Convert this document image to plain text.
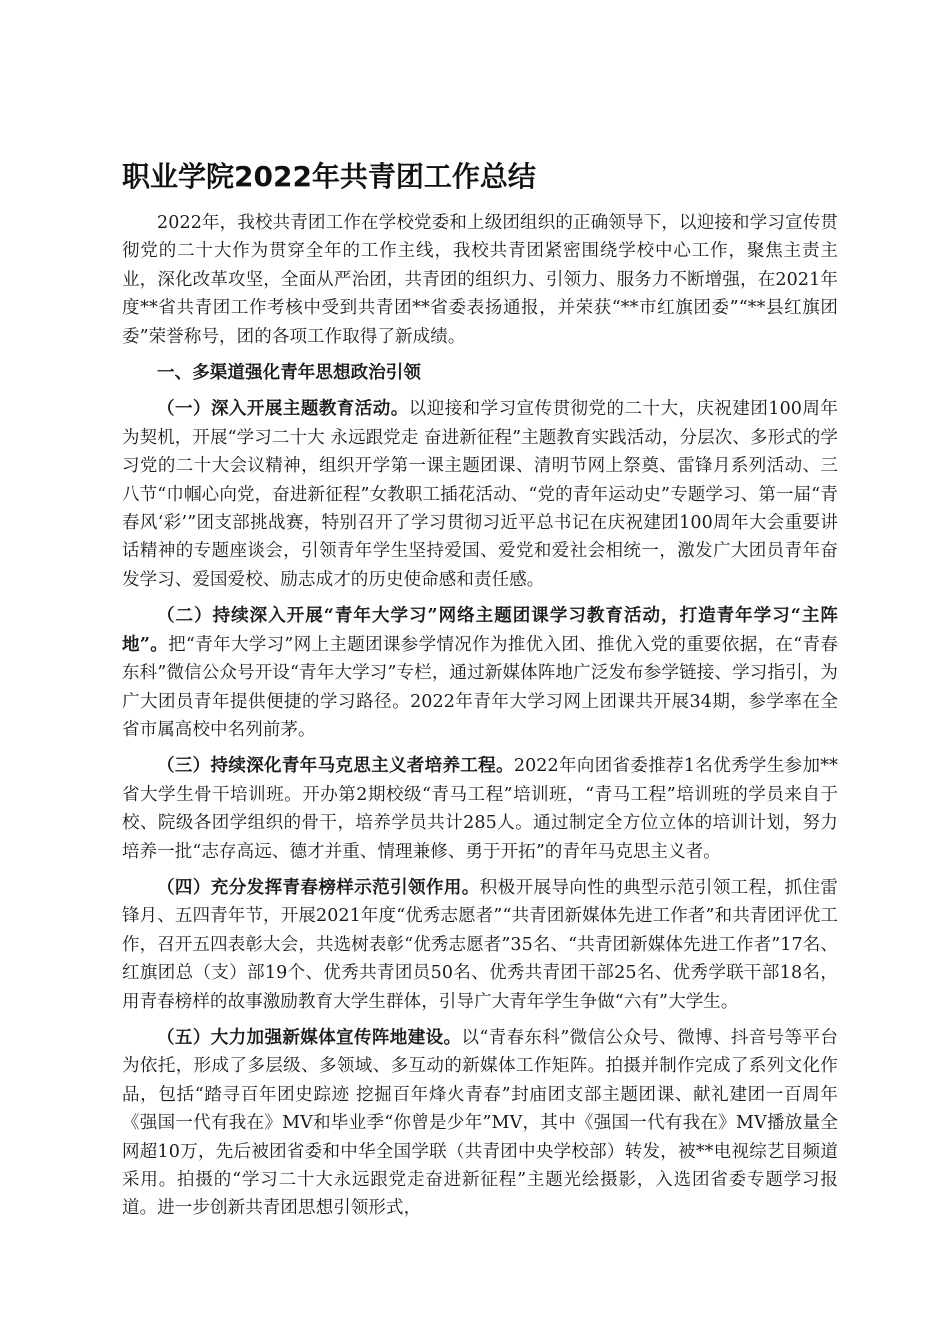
职业学院2022年共青团工作总结

2022年，我校共青团工作在学校党委和上级团组织的正确领导下，以迎接和学习宣传贯彻党的二十大作为贯穿全年的工作主线，我校共青团紧密围绕学校中心工作，聚焦主责主业，深化改革攻坚，全面从严治团，共青团的组织力、引领力、服务力不断增强，在2021年度**省共青团工作考核中受到共青团**省委表扬通报，并荣获“**市红旗团委”“**县红旗团委”荣誉称号，团的各项工作取得了新成绩。

一、多渠道强化青年思想政治引领

（一）深入开展主题教育活动。以迎接和学习宣传贯彻党的二十大，庆祝建团100周年为契机，开展“学习二十大 永远跟党走 奋进新征程”主题教育实践活动，分层次、多形式的学习党的二十大会议精神，组织开学第一课主题团课、清明节网上祭奠、雷锋月系列活动、三八节“巾帼心向党，奋进新征程”女教职工插花活动、“党的青年运动史”专题学习、第一届“青春风‘彩’”团支部挑战赛，特别召开了学习贯彻习近平总书记在庆祝建团100周年大会重要讲话精神的专题座谈会，引领青年学生坚持爱国、爱党和爱社会相统一，激发广大团员青年奋发学习、爱国爱校、励志成才的历史使命感和责任感。

（二）持续深入开展“青年大学习”网络主题团课学习教育活动，打造青年学习“主阵地”。把“青年大学习”网上主题团课参学情况作为推优入团、推优入党的重要依据，在“青春东科”微信公众号开设“青年大学习”专栏，通过新媒体阵地广泛发布参学链接、学习指引，为广大团员青年提供便捷的学习路径。2022年青年大学习网上团课共开展34期，参学率在全省市属高校中名列前茅。

（三）持续深化青年马克思主义者培养工程。2022年向团省委推荐1名优秀学生参加**省大学生骨干培训班。开办第2期校级“青马工程”培训班，“青马工程”培训班的学员来自于校、院级各团学组织的骨干，培养学员共计285人。通过制定全方位立体的培训计划，努力培养一批“志存高远、德才并重、情理兼修、勇于开拓”的青年马克思主义者。

（四）充分发挥青春榜样示范引领作用。积极开展导向性的典型示范引领工程，抓住雷锋月、五四青年节，开展2021年度“优秀志愿者”“共青团新媒体先进工作者”和共青团评优工作，召开五四表彰大会，共选树表彰“优秀志愿者”35名、“共青团新媒体先进工作者”17名、红旗团总（支）部19个、优秀共青团员50名、优秀共青团干部25名、优秀学联干部18名，用青春榜样的故事激励教育大学生群体，引导广大青年学生争做“六有”大学生。

（五）大力加强新媒体宣传阵地建设。以“青春东科”微信公众号、微博、抖音号等平台为依托，形成了多层级、多领域、多互动的新媒体工作矩阵。拍摄并制作完成了系列文化作品，包括“踏寻百年团史踪迹 挖掘百年烽火青春”封庙团支部主题团课、献礼建团一百周年《强国一代有我在》MV和毕业季“你曾是少年”MV，其中《强国一代有我在》MV播放量全网超10万，先后被团省委和中华全国学联（共青团中央学校部）转发，被**电视综艺目频道采用。拍摄的“学习二十大永远跟党走奋进新征程”主题光绘摄影，入选团省委专题学习报道。进一步创新共青团思想引领形式，
